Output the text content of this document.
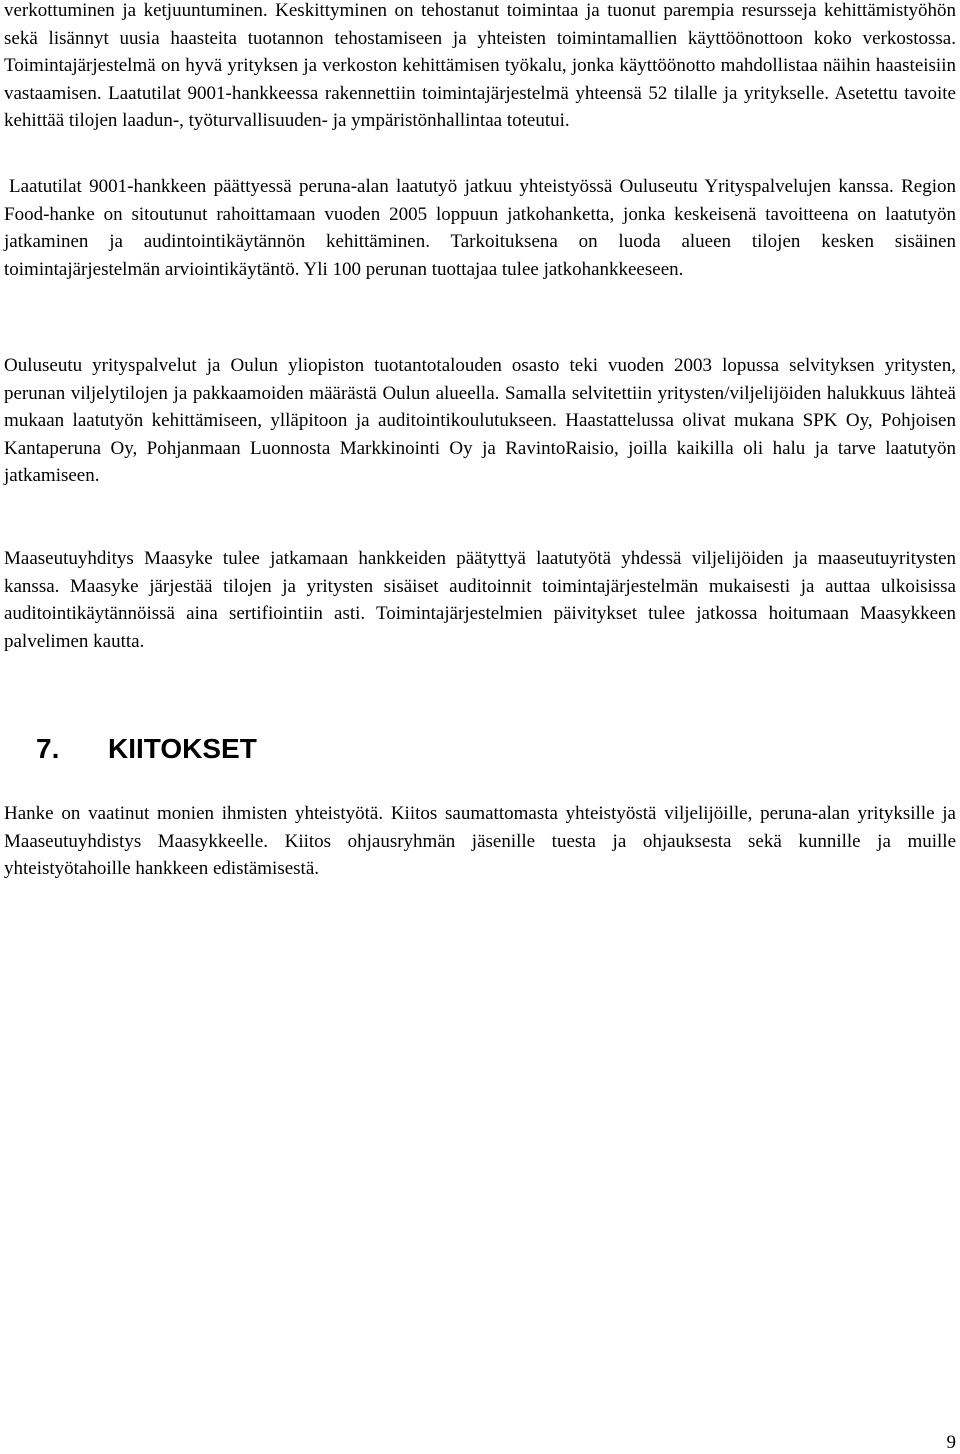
verkottuminen ja ketjuuntuminen. Keskittyminen on tehostanut toimintaa ja tuonut parempia resursseja kehittämistyöhön sekä lisännyt uusia haasteita tuotannon tehostamiseen ja yhteisten toimintamallien käyttöönottoon koko verkostossa. Toimintajärjestelmä on hyvä yrityksen ja verkoston kehittämisen työkalu, jonka käyttöönotto mahdollistaa näihin haasteisiin vastaamisen. Laatutilat 9001-hankkeessa rakennettiin toimintajärjestelmä yhteensä 52 tilalle ja yritykselle. Asetettu tavoite kehittää tilojen laadun-, työturvallisuuden- ja ympäristönhallintaa toteutui.

Laatutilat 9001-hankkeen päättyessä peruna-alan laatutyö jatkuu yhteistyössä Ouluseutu Yrityspalvelujen kanssa. Region Food-hanke on sitoutunut rahoittamaan vuoden 2005 loppuun jatkohanketta, jonka keskeisenä tavoitteena on laatutyön jatkaminen ja audintointikäytännön kehittäminen. Tarkoituksena on luoda alueen tilojen kesken sisäinen toimintajärjestelmän arviointikäytäntö. Yli 100 perunan tuottajaa tulee jatkohankkeeseen.

Ouluseutu yrityspalvelut ja Oulun yliopiston tuotantotalouden osasto teki vuoden 2003 lopussa selvityksen yritysten, perunan viljelytilojen ja pakkaamoiden määrästä Oulun alueella. Samalla selvitettiin yritysten/viljelijöiden halukkuus lähteä mukaan laatutyön kehittämiseen, ylläpitoon ja auditointikoulutukseen. Haastattelussa olivat mukana SPK Oy, Pohjoisen Kantaperuna Oy, Pohjanmaan Luonnosta Markkinointi Oy ja RavintoRaisio, joilla kaikilla oli halu ja tarve laatutyön jatkamiseen.

Maaseutuyhditys Maasyke tulee jatkamaan hankkeiden päätyttyä laatutyötä yhdessä viljelijöiden ja maaseutuyritysten kanssa. Maasyke järjestää tilojen ja yritysten sisäiset auditoinnit toimintajärjestelmän mukaisesti ja auttaa ulkoisissa auditointikäytännöissä aina sertifiointiin asti. Toimintajärjestelmien päivitykset tulee jatkossa hoitumaan Maasykkeen palvelimen kautta.

7.	KIITOKSET

Hanke on vaatinut monien ihmisten yhteistyötä. Kiitos saumattomasta yhteistyöstä viljelijöille, peruna-alan yrityksille ja Maaseutuyhdistys Maasykkeelle. Kiitos ohjausryhmän jäsenille tuesta ja ohjauksesta sekä kunnille ja muille yhteistyötahoille hankkeen edistämisestä.

9
